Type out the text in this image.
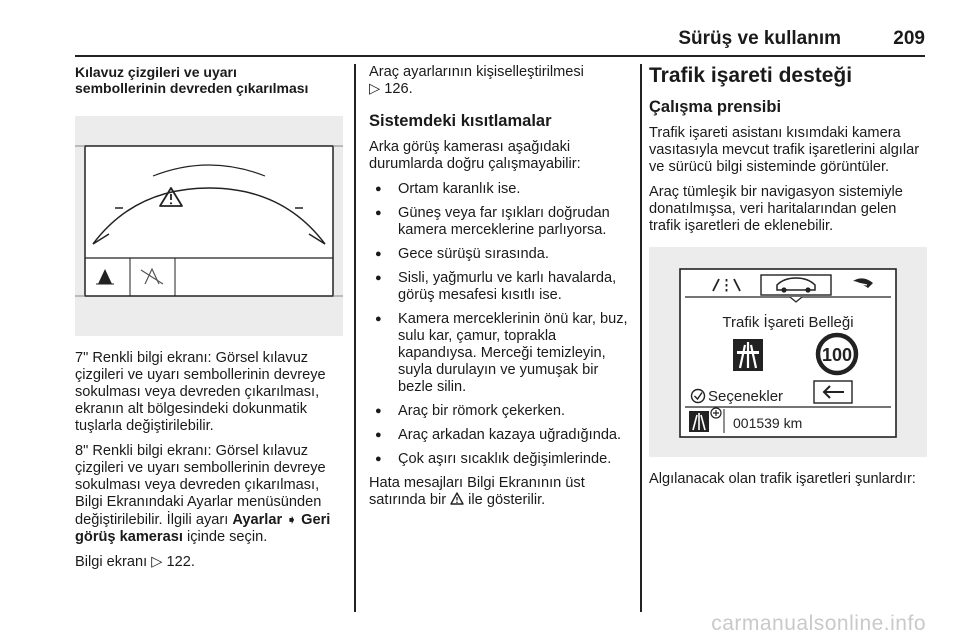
Sürüş ve kullanım	209
Kılavuz çizgileri ve uyarı
sembollerinin devreden çıkarılması

7" Renkli bilgi ekranı: Görsel kılavuz çizgileri ve uyarı sembollerinin devreye sokulması veya devreden çıkarılması, ekranın alt bölgesindeki dokunmatik tuşlarla değiştirilebilir.

8" Renkli bilgi ekranı: Görsel kılavuz çizgileri ve uyarı sembollerinin devreye sokulması veya devreden çıkarılması, Bilgi Ekranındaki Ayarlar menüsünden değiştirilebilir. İlgili ayarı Ayarlar ➧ Geri görüş kamerası içinde seçin.

Bilgi ekranı ▷ 122.

Araç ayarlarının kişiselleştirilmesi
▷ 126.

Sistemdeki kısıtlamalar

Arka görüş kamerası aşağıdaki durumlarda doğru çalışmayabilir:

● Ortam karanlık ise.
● Güneş veya far ışıkları doğrudan kamera merceklerine parlıyorsa.
● Gece sürüşü sırasında.
● Sisli, yağmurlu ve karlı havalarda, görüş mesafesi kısıtlı ise.
● Kamera merceklerinin önü kar, buz, sulu kar, çamur, toprakla kapandıysa. Merceği temizleyin, suyla durulayın ve yumuşak bir bezle silin.
● Araç bir römork çekerken.
● Araç arkadan kazaya uğradığında.
● Çok aşırı sıcaklık değişimlerinde.

Hata mesajları Bilgi Ekranının üst
satırında bir  ile gösterilir.

Trafik işareti desteği
Çalışma prensibi

Trafik işareti asistanı kısımdaki kamera vasıtasıyla mevcut trafik işaretlerini algılar ve sürücü bilgi sisteminde görüntüler.

Araç tümleşik bir navigasyon sistemiyle donatılmışsa, veri haritalarından gelen trafik işaretleri de eklenebilir.

Trafik İşareti Belleği
100
Seçenekler
001539 km

Algılanacak olan trafik işaretleri şunlardır:

carmanualsonline.info
